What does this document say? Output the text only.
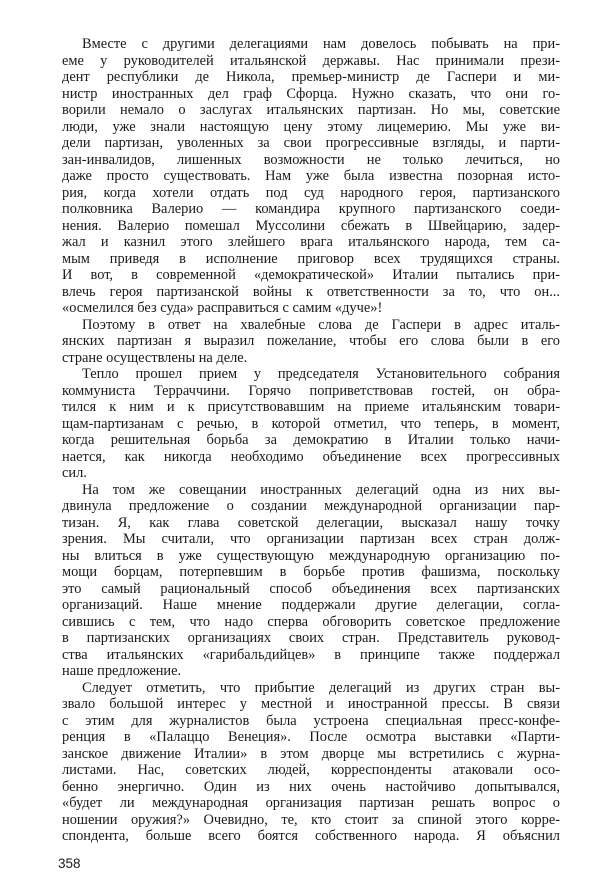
Вместе с другими делегациями нам довелось побывать на при-
еме у руководителей итальянской державы. Нас принимали прези-
дент республики де Никола, премьер-министр де Гаспери и ми-
нистр иностранных дел граф Сфорца. Нужно сказать, что они го-
ворили немало о заслугах итальянских партизан. Но мы, советские
люди, уже знали настоящую цену этому лицемерию. Мы уже ви-
дели партизан, уволенных за свои прогрессивные взгляды, и парти-
зан-инвалидов, лишенных возможности не только лечиться, но
даже просто существовать. Нам уже была известна позорная исто-
рия, когда хотели отдать под суд народного героя, партизанского
полковника Валерио — командира крупного партизанского соеди-
нения. Валерио помешал Муссолини сбежать в Швейцарию, задер-
жал и казнил этого злейшего врага итальянского народа, тем са-
мым приведя в исполнение приговор всех трудящихся страны.
И вот, в современной «демократической» Италии пытались при-
влечь героя партизанской войны к ответственности за то, что он...
«осмелился без суда» расправиться с самим «дуче»!
Поэтому в ответ на хвалебные слова де Гаспери в адрес италь-
янских партизан я выразил пожелание, чтобы его слова были в его
стране осуществлены на деле.
Тепло прошел прием у председателя Установительного собрания
коммуниста Терраччини. Горячо поприветствовав гостей, он обра-
тился к ним и к присутствовавшим на приеме итальянским товари-
щам-партизанам с речью, в которой отметил, что теперь, в момент,
когда решительная борьба за демократию в Италии только начи-
нается, как никогда необходимо объединение всех прогрессивных
сил.
На том же совещании иностранных делегаций одна из них вы-
двинула предложение о создании международной организации пар-
тизан. Я, как глава советской делегации, высказал нашу точку
зрения. Мы считали, что организации партизан всех стран долж-
ны влиться в уже существующую международную организацию по-
мощи борцам, потерпевшим в борьбе против фашизма, поскольку
это самый рациональный способ объединения всех партизанских
организаций. Наше мнение поддержали другие делегации, согла-
сившись с тем, что надо сперва обговорить советское предложение
в партизанских организациях своих стран. Представитель руковод-
ства итальянских «гарибальдийцев» в принципе также поддержал
наше предложение.
Следует отметить, что прибытие делегаций из других стран вы-
звало большой интерес у местной и иностранной прессы. В связи
с этим для журналистов была устроена специальная пресс-конфе-
ренция в «Палаццо Венеция». После осмотра выставки «Парти-
занское движение Италии» в этом дворце мы встретились с журна-
листами. Нас, советских людей, корреспонденты атаковали осо-
бенно энергично. Один из них очень настойчиво допытывался,
«будет ли международная организация партизан решать вопрос о
ношении оружия?» Очевидно, те, кто стоит за спиной этого корре-
спондента, больше всего боятся собственного народа. Я объяснил
358
